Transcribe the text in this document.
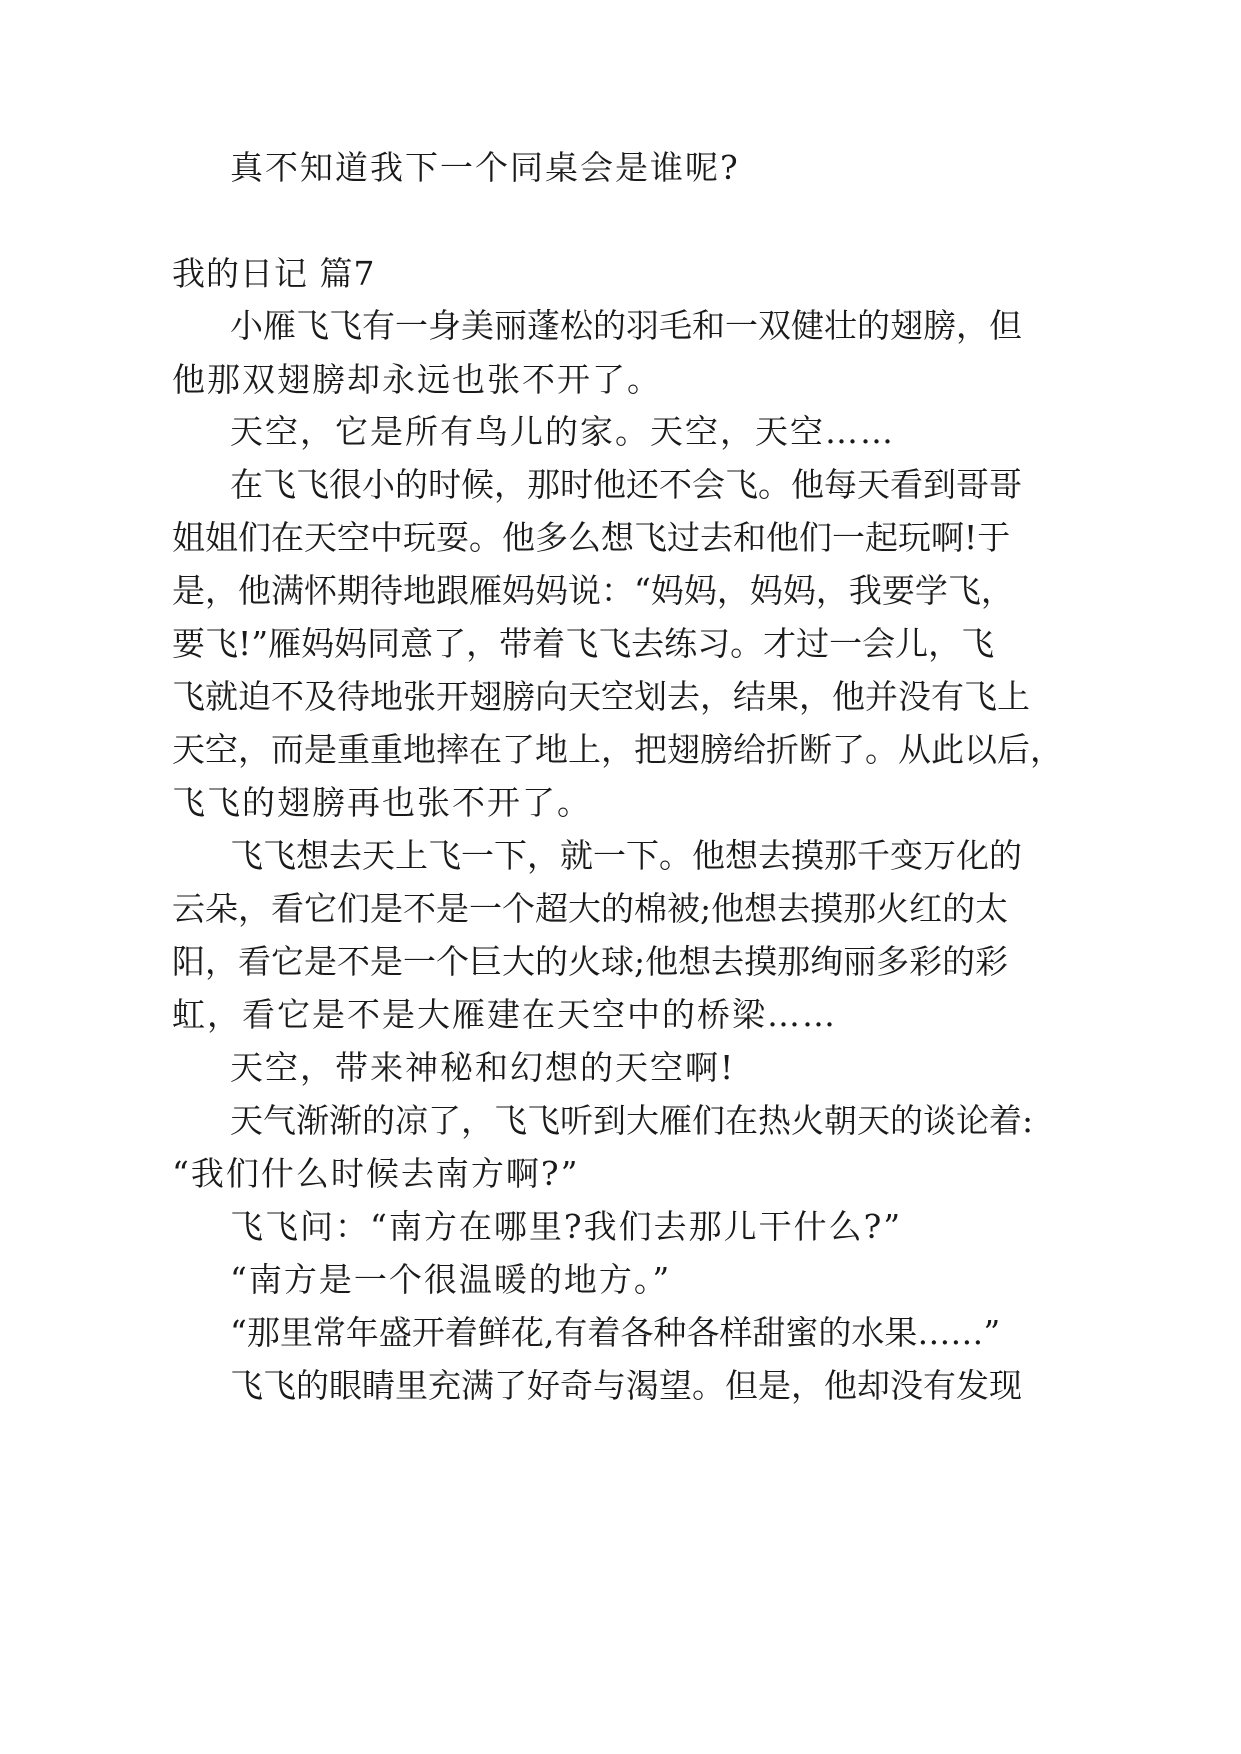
真不知道我下一个同桌会是谁呢?
我的日记 篇7
小雁飞飞有一身美丽蓬松的羽毛和一双健壮的翅膀，但
他那双翅膀却永远也张不开了。
天空，它是所有鸟儿的家。天空，天空……
在飞飞很小的时候，那时他还不会飞。他每天看到哥哥
姐姐们在天空中玩耍。他多么想飞过去和他们一起玩啊!于
是，他满怀期待地跟雁妈妈说：“妈妈，妈妈，我要学飞，
要飞!”雁妈妈同意了，带着飞飞去练习。才过一会儿，飞
飞就迫不及待地张开翅膀向天空划去，结果，他并没有飞上
天空，而是重重地摔在了地上，把翅膀给折断了。从此以后，
飞飞的翅膀再也张不开了。
飞飞想去天上飞一下，就一下。他想去摸那千变万化的
云朵，看它们是不是一个超大的棉被;他想去摸那火红的太
阳，看它是不是一个巨大的火球;他想去摸那绚丽多彩的彩
虹，看它是不是大雁建在天空中的桥梁……
天空，带来神秘和幻想的天空啊!
天气渐渐的凉了，飞飞听到大雁们在热火朝天的谈论着:
“我们什么时候去南方啊?”
飞飞问：“南方在哪里?我们去那儿干什么?”
“南方是一个很温暖的地方。”
“那里常年盛开着鲜花,有着各种各样甜蜜的水果……”
飞飞的眼睛里充满了好奇与渴望。但是，他却没有发现
